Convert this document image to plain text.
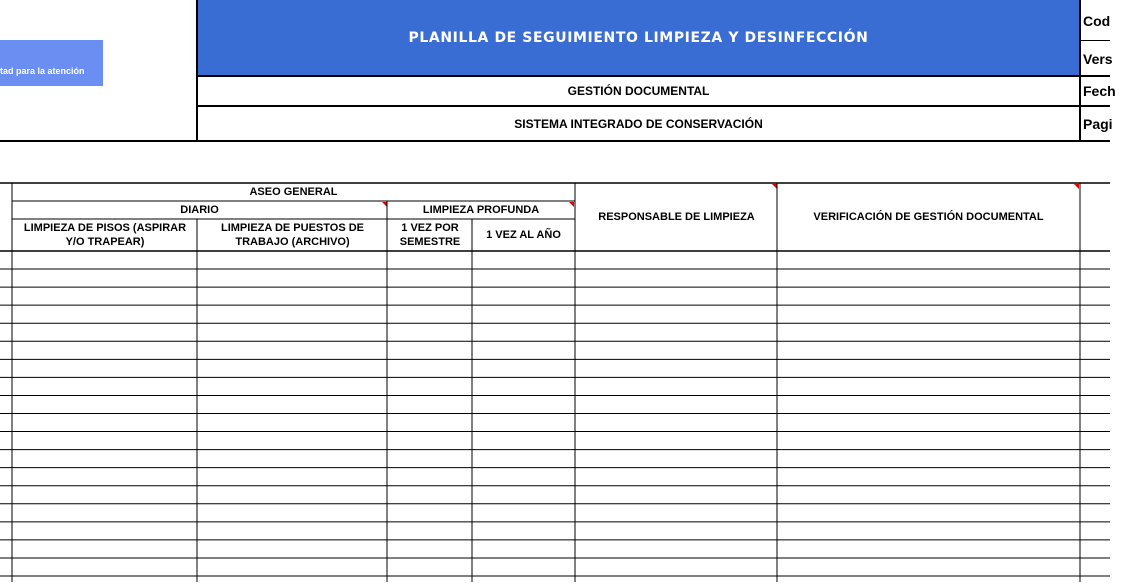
tad para la atención

paración integral

s víctimas

PLANILLA DE SEGUIMIENTO LIMPIEZA Y DESINFECCIÓN
GESTIÓN DOCUMENTAL
SISTEMA INTEGRADO DE CONSERVACIÓN
Cod
Vers
Fech
Pagi
ASEO GENERAL
DIARIO	LIMPIEZA PROFUNDA
LIMPIEZA DE PISOS (ASPIRAR Y/O TRAPEAR)
LIMPIEZA DE PUESTOS DE TRABAJO (ARCHIVO)
1 VEZ POR SEMESTRE
1 VEZ AL AÑO
RESPONSABLE DE LIMPIEZA	VERIFICACIÓN DE GESTIÓN DOCUMENTAL
